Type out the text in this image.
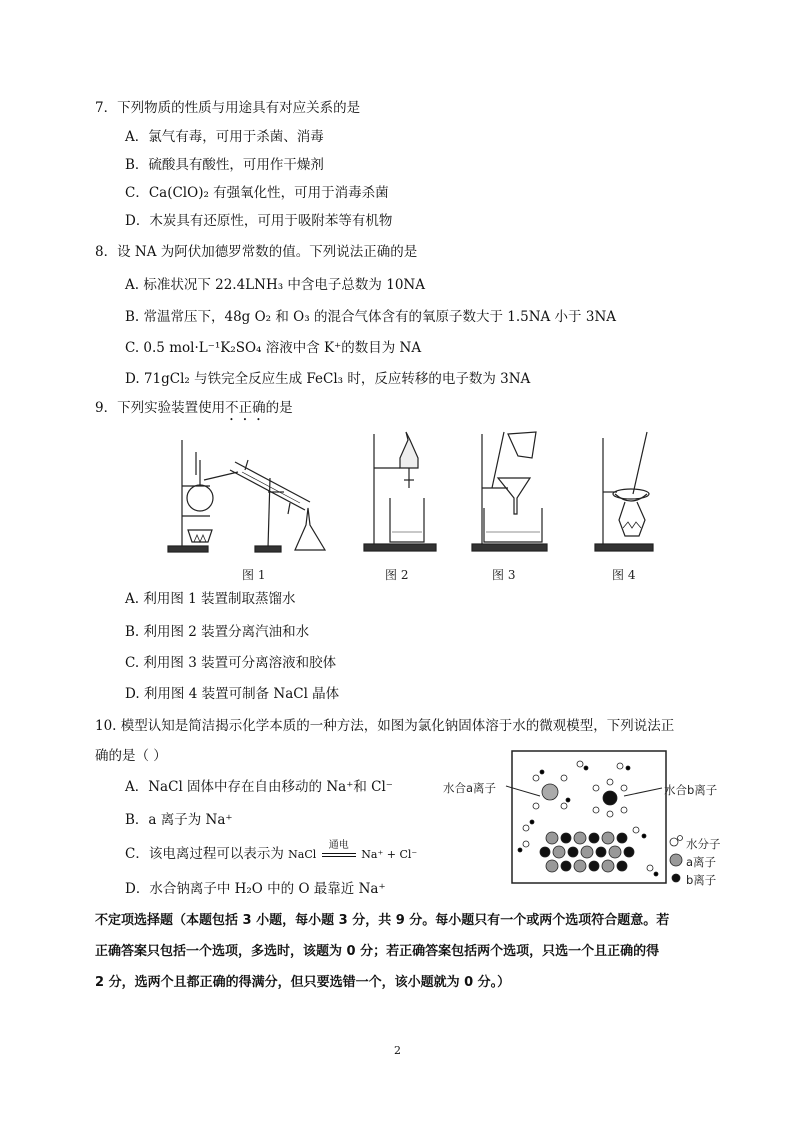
7．下列物质的性质与用途具有对应关系的是
A．氯气有毒，可用于杀菌、消毒
B．硫酸具有酸性，可用作干燥剂
C．Ca(ClO)₂ 有强氧化性，可用于消毒杀菌
D．木炭具有还原性，可用于吸附苯等有机物
8．设 NA 为阿伏加德罗常数的值。下列说法正确的是
A. 标准状况下 22.4LNH₃ 中含电子总数为 10NA
B. 常温常压下，48g O₂ 和 O₃ 的混合气体含有的氧原子数大于 1.5NA 小于 3NA
C. 0.5 mol·L⁻¹K₂SO₄ 溶液中含 K⁺的数目为 NA
D. 71gCl₂ 与铁完全反应生成 FeCl₃ 时，反应转移的电子数为 3NA
9．下列实验装置使用不正确的是
图 1	图 2	图 3	图 4
A. 利用图 1 装置制取蒸馏水
B. 利用图 2 装置分离汽油和水
C. 利用图 3 装置可分离溶液和胶体
D. 利用图 4 装置可制备 NaCl 晶体
10. 模型认知是简洁揭示化学本质的一种方法，如图为氯化钠固体溶于水的微观模型，下列说法正
确的是（ ）
A．NaCl 固体中存在自由移动的 Na⁺和 Cl⁻
B．a 离子为 Na⁺
C．该电离过程可以表示为 NaCl
通电
Na⁺ + Cl⁻
D．水合钠离子中 H₂O 中的 O 最靠近 Na⁺
水合a离子	水合b离子
水分子
a离子
b离子
不定项选择题（本题包括 3 小题，每小题 3 分，共 9 分。每小题只有一个或两个选项符合题意。若
正确答案只包括一个选项，多选时，该题为 0 分；若正确答案包括两个选项，只选一个且正确的得
2 分，选两个且都正确的得满分，但只要选错一个，该小题就为 0 分。）
2
